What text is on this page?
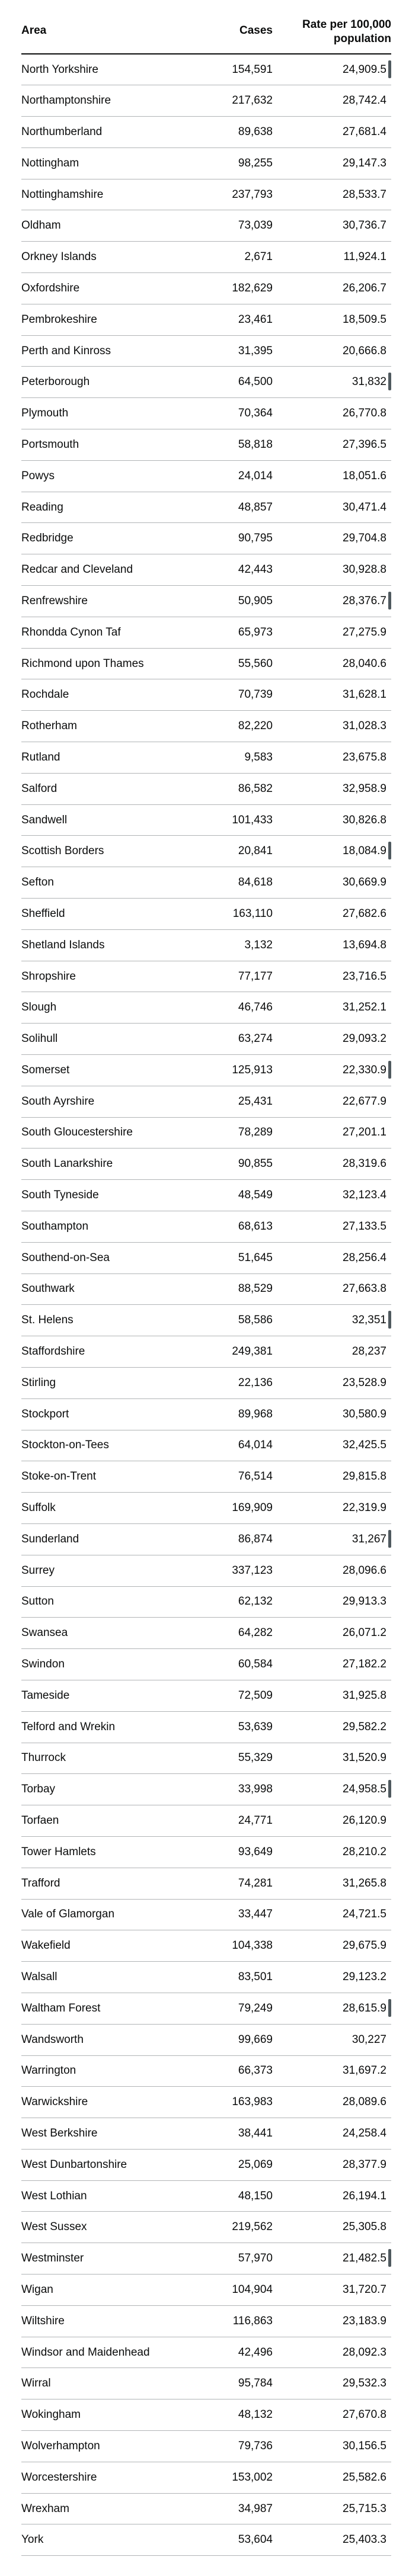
Area	Cases	Rate per 100,000 population
North Yorkshire	154,591	24,909.5

Northamptonshire	217,632	28,742.4
Northumberland	89,638	27,681.4
Nottingham	98,255	29,147.3
Nottinghamshire	237,793	28,533.7
Oldham	73,039	30,736.7
Orkney Islands	2,671	11,924.1
Oxfordshire	182,629	26,206.7
Pembrokeshire	23,461	18,509.5
Perth and Kinross	31,395	20,666.8
Peterborough	64,500	31,832

Plymouth	70,364	26,770.8
Portsmouth	58,818	27,396.5
Powys	24,014	18,051.6
Reading	48,857	30,471.4
Redbridge	90,795	29,704.8
Redcar and Cleveland	42,443	30,928.8
Renfrewshire	50,905	28,376.7

Rhondda Cynon Taf	65,973	27,275.9
Richmond upon Thames	55,560	28,040.6
Rochdale	70,739	31,628.1
Rotherham	82,220	31,028.3
Rutland	9,583	23,675.8
Salford	86,582	32,958.9
Sandwell	101,433	30,826.8
Scottish Borders	20,841	18,084.9

Sefton	84,618	30,669.9
Sheffield	163,110	27,682.6
Shetland Islands	3,132	13,694.8
Shropshire	77,177	23,716.5
Slough	46,746	31,252.1
Solihull	63,274	29,093.2
Somerset	125,913	22,330.9

South Ayrshire	25,431	22,677.9
South Gloucestershire	78,289	27,201.1
South Lanarkshire	90,855	28,319.6
South Tyneside	48,549	32,123.4
Southampton	68,613	27,133.5
Southend-on-Sea	51,645	28,256.4
Southwark	88,529	27,663.8
St. Helens	58,586	32,351

Staffordshire	249,381	28,237
Stirling	22,136	23,528.9
Stockport	89,968	30,580.9
Stockton-on-Tees	64,014	32,425.5
Stoke-on-Trent	76,514	29,815.8
Suffolk	169,909	22,319.9
Sunderland	86,874	31,267

Surrey	337,123	28,096.6
Sutton	62,132	29,913.3
Swansea	64,282	26,071.2
Swindon	60,584	27,182.2
Tameside	72,509	31,925.8
Telford and Wrekin	53,639	29,582.2
Thurrock	55,329	31,520.9
Torbay	33,998	24,958.5

Torfaen	24,771	26,120.9
Tower Hamlets	93,649	28,210.2
Trafford	74,281	31,265.8
Vale of Glamorgan	33,447	24,721.5
Wakefield	104,338	29,675.9
Walsall	83,501	29,123.2
Waltham Forest	79,249	28,615.9

Wandsworth	99,669	30,227
Warrington	66,373	31,697.2
Warwickshire	163,983	28,089.6
West Berkshire	38,441	24,258.4
West Dunbartonshire	25,069	28,377.9
West Lothian	48,150	26,194.1
West Sussex	219,562	25,305.8
Westminster	57,970	21,482.5

Wigan	104,904	31,720.7
Wiltshire	116,863	23,183.9
Windsor and Maidenhead	42,496	28,092.3
Wirral	95,784	29,532.3
Wokingham	48,132	27,670.8
Wolverhampton	79,736	30,156.5
Worcestershire	153,002	25,582.6
Wrexham	34,987	25,715.3
York	53,604	25,403.3
